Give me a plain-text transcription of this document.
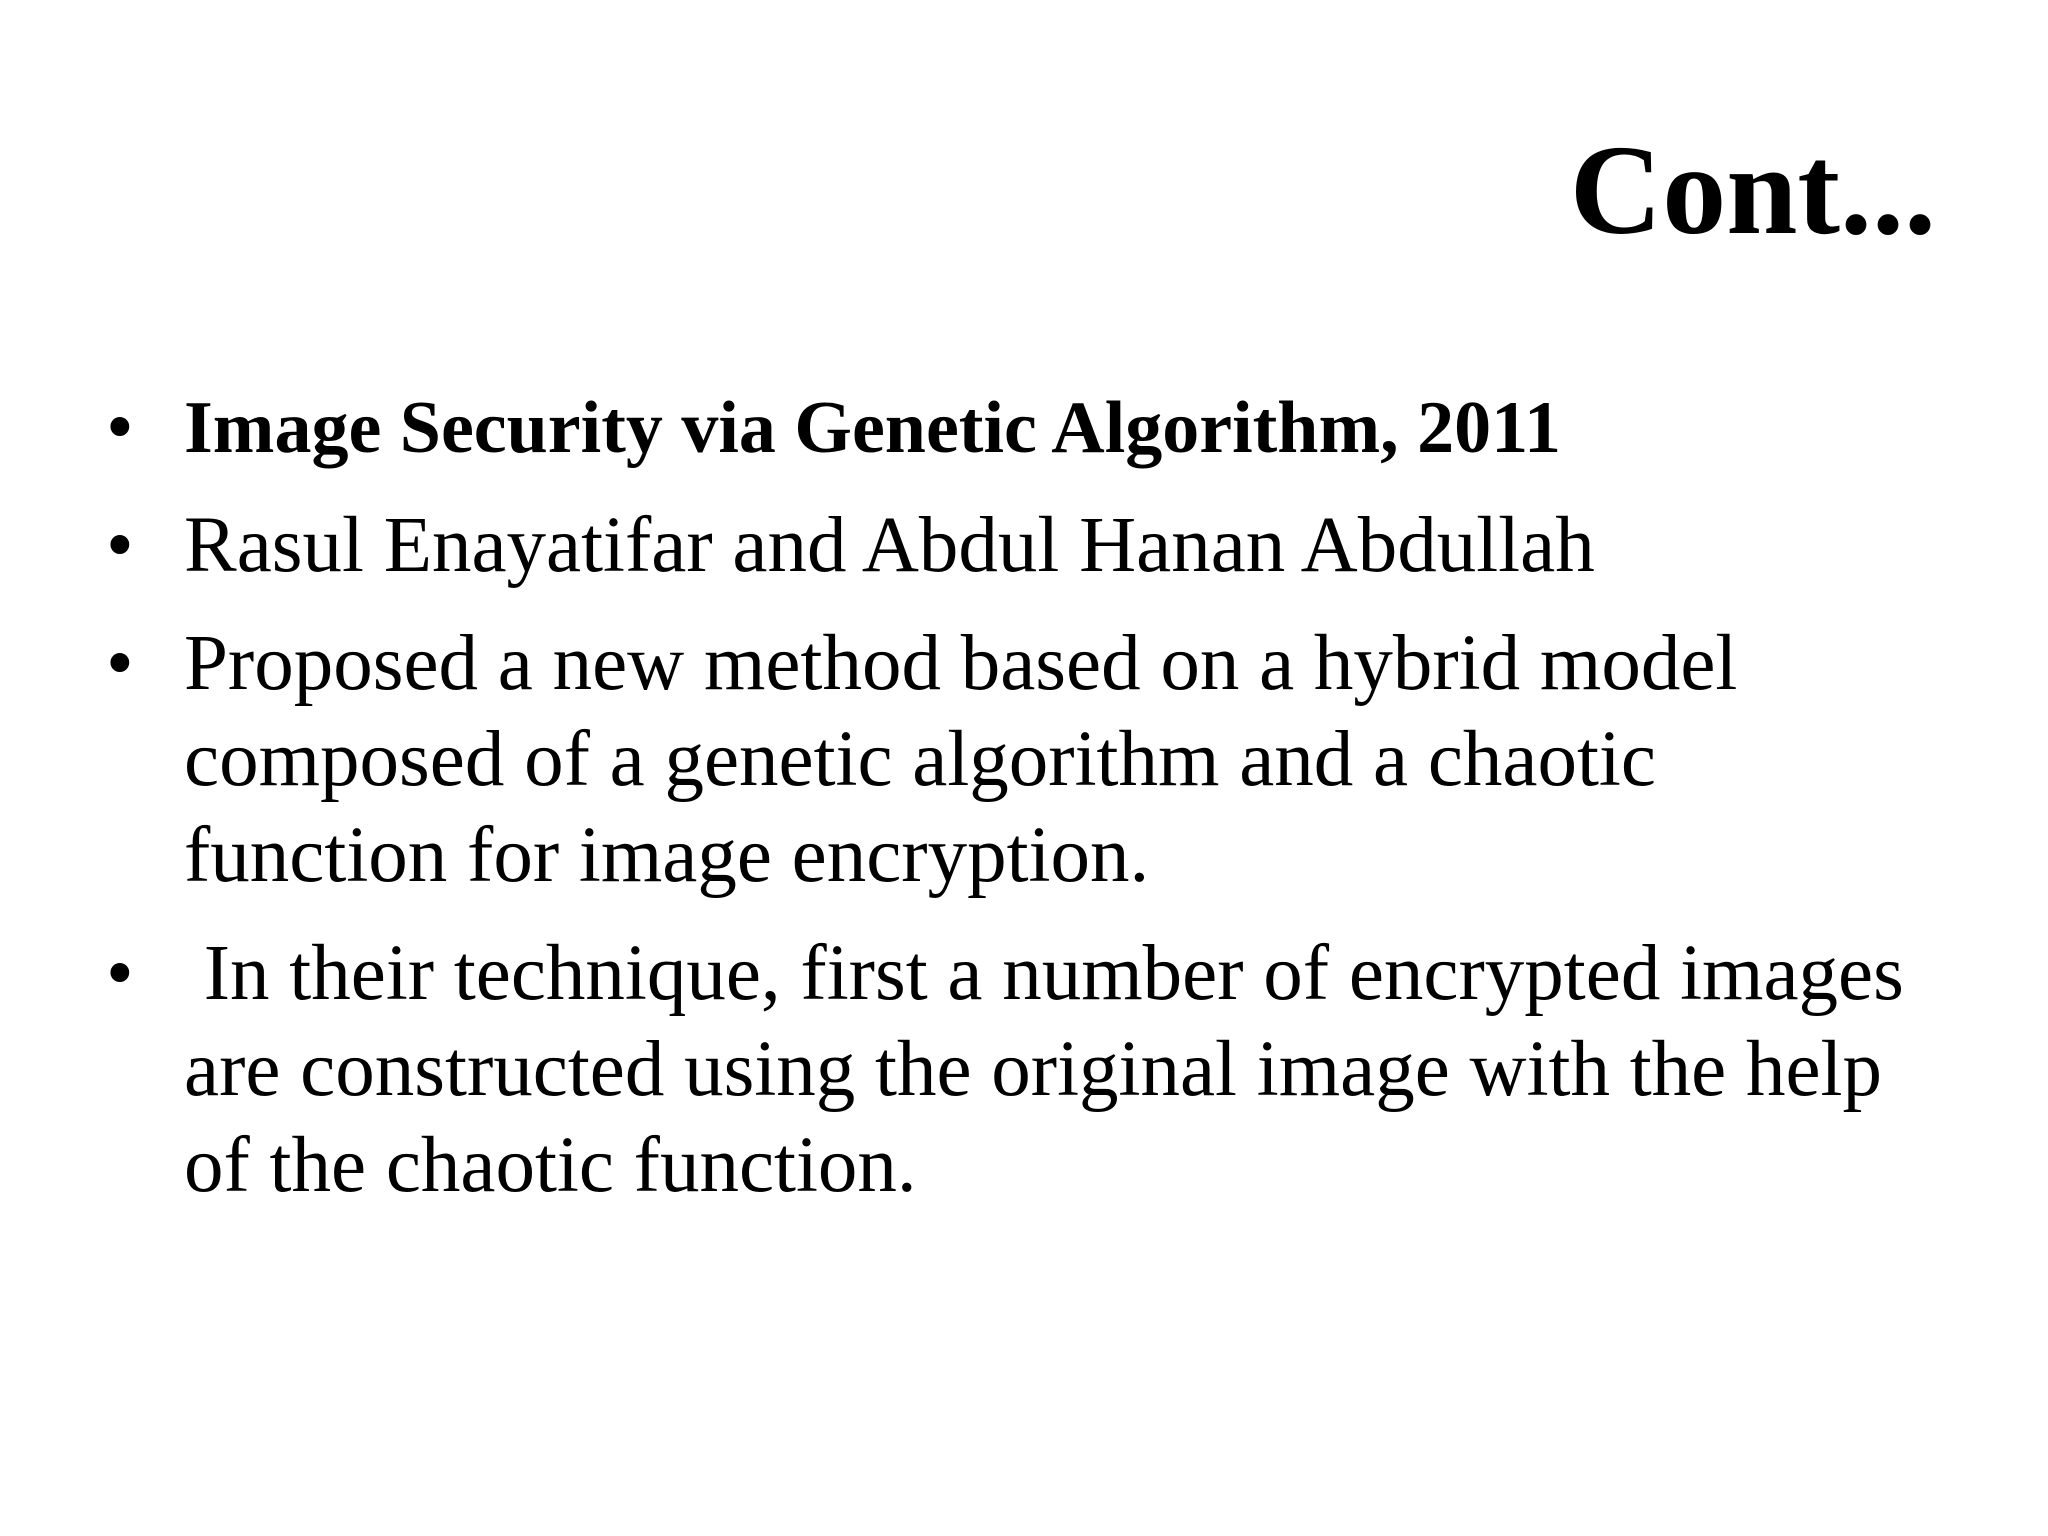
Cont...
• Image Security via Genetic Algorithm, 2011
• Rasul Enayatifar and Abdul Hanan Abdullah
• Proposed a new method based on a hybrid model composed of a genetic algorithm and a chaotic function for image encryption.
• In their technique, first a number of encrypted images are constructed using the original image with the help of the chaotic function.
